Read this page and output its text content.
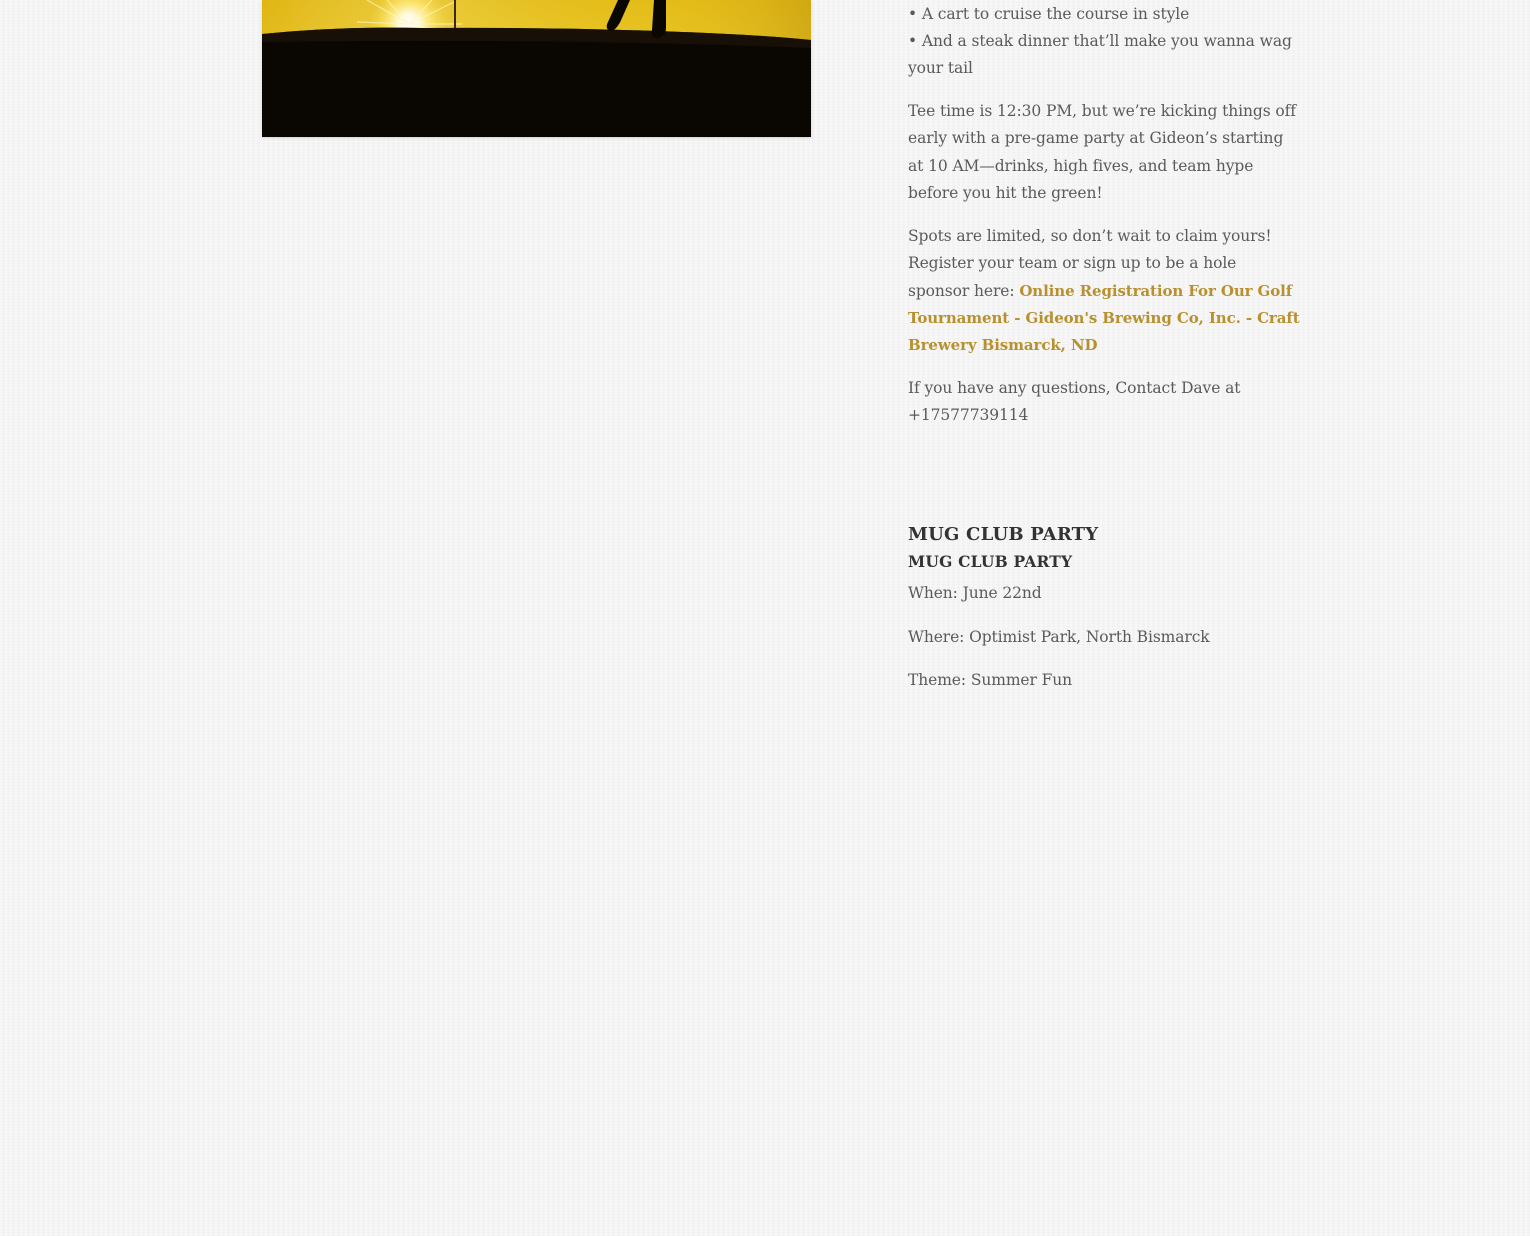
• A cart to cruise the course in style

• And a steak dinner that’ll make you wanna wag your tail

Tee time is 12:30 PM, but we’re kicking things off early with a pre-game party at Gideon’s starting at 10 AM—drinks, high fives, and team hype before you hit the green!

Spots are limited, so don’t wait to claim yours! Register your team or sign up to be a hole sponsor here: Online Registration For Our Golf Tournament - Gideon's Brewing Co, Inc. - Craft Brewery Bismarck, ND

If you have any questions, Contact Dave at +17577739114

MUG CLUB PARTY
MUG CLUB PARTY

When: June 22nd

Where: Optimist Park, North Bismarck

Theme: Summer Fun
